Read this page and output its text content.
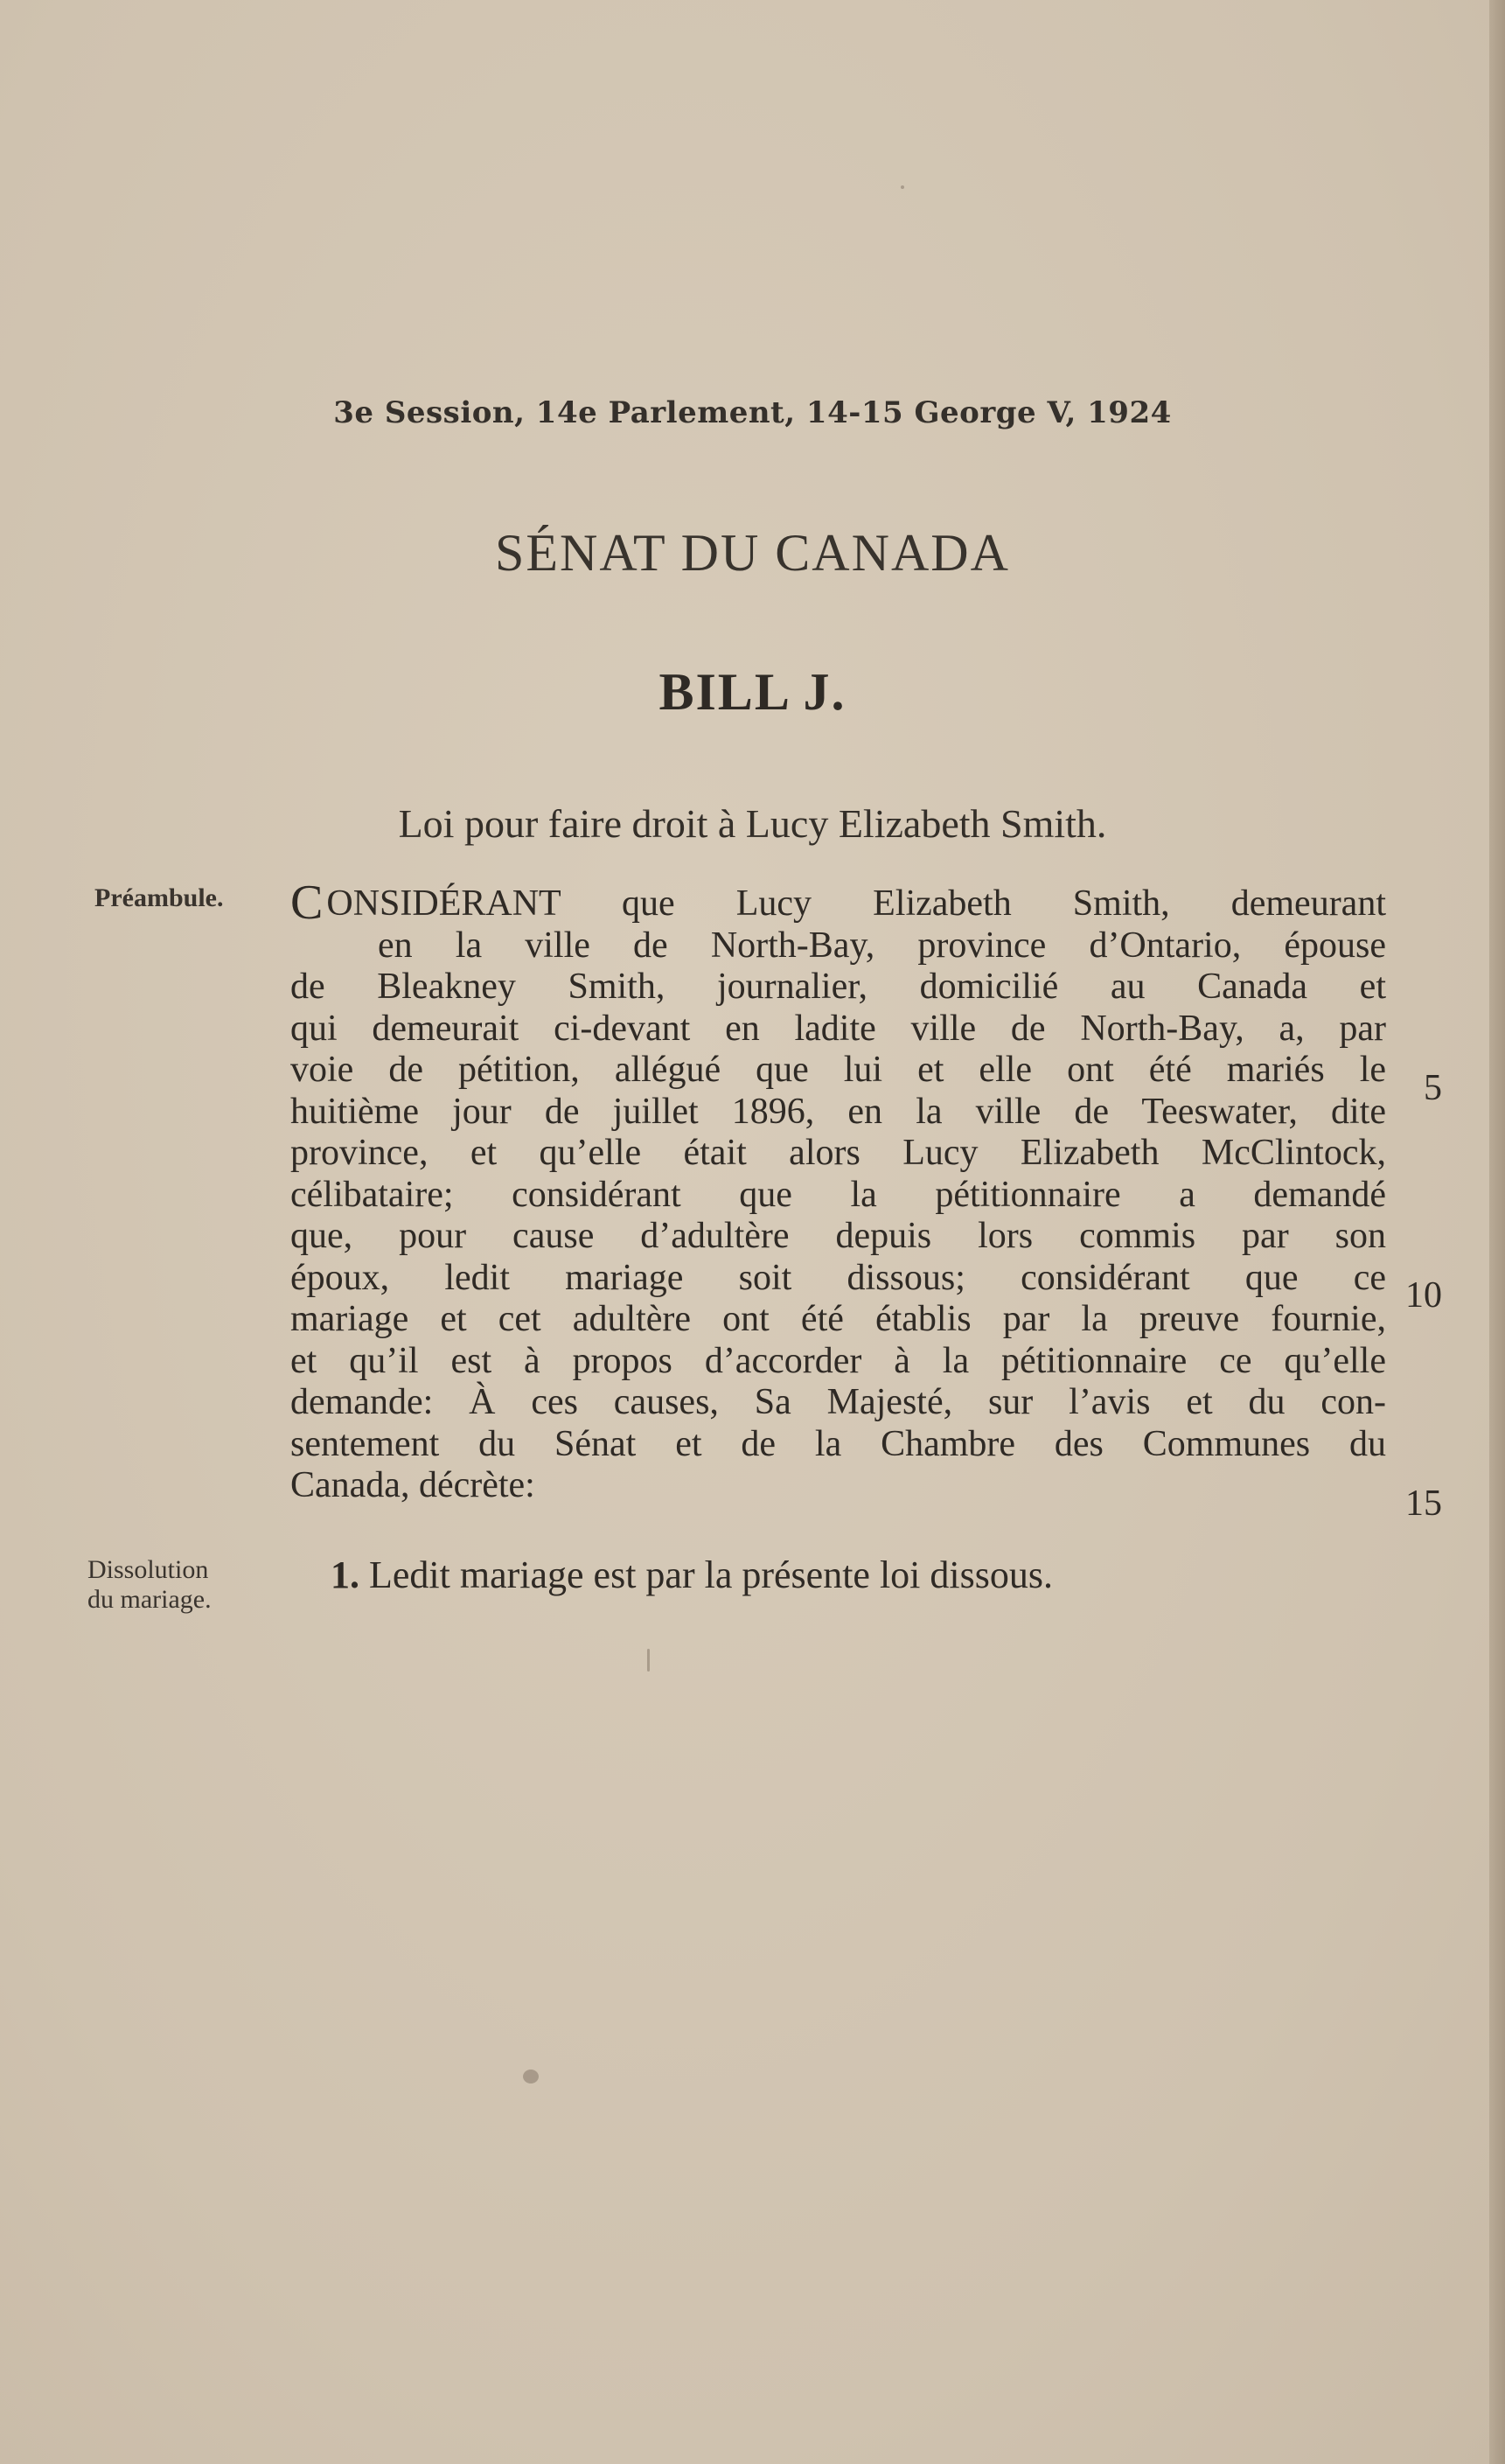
3e Session, 14e Parlement, 14-15 George V, 1924
SÉNAT DU CANADA
BILL J.
Loi pour faire droit à Lucy Elizabeth Smith.
Préambule.
Dissolution
du mariage.
C ONSIDÉRANT que Lucy Elizabeth Smith, demeurant
en la ville de North-Bay, province d’Ontario, épouse
de Bleakney Smith, journalier, domicilié au Canada et
qui demeurait ci-devant en ladite ville de North-Bay, a, par
voie de pétition, allégué que lui et elle ont été mariés le
huitième jour de juillet 1896, en la ville de Teeswater, dite
province, et qu’elle était alors Lucy Elizabeth McClintock,
célibataire; considérant que la pétitionnaire a demandé
que, pour cause d’adultère depuis lors commis par son
époux, ledit mariage soit dissous; considérant que ce
mariage et cet adultère ont été établis par la preuve fournie,
et qu’il est à propos d’accorder à la pétitionnaire ce qu’elle
demande: À ces causes, Sa Majesté, sur l’avis et du con-
sentement du Sénat et de la Chambre des Communes du
Canada, décrète:
5
10
15
1. Ledit mariage est par la présente loi dissous.
